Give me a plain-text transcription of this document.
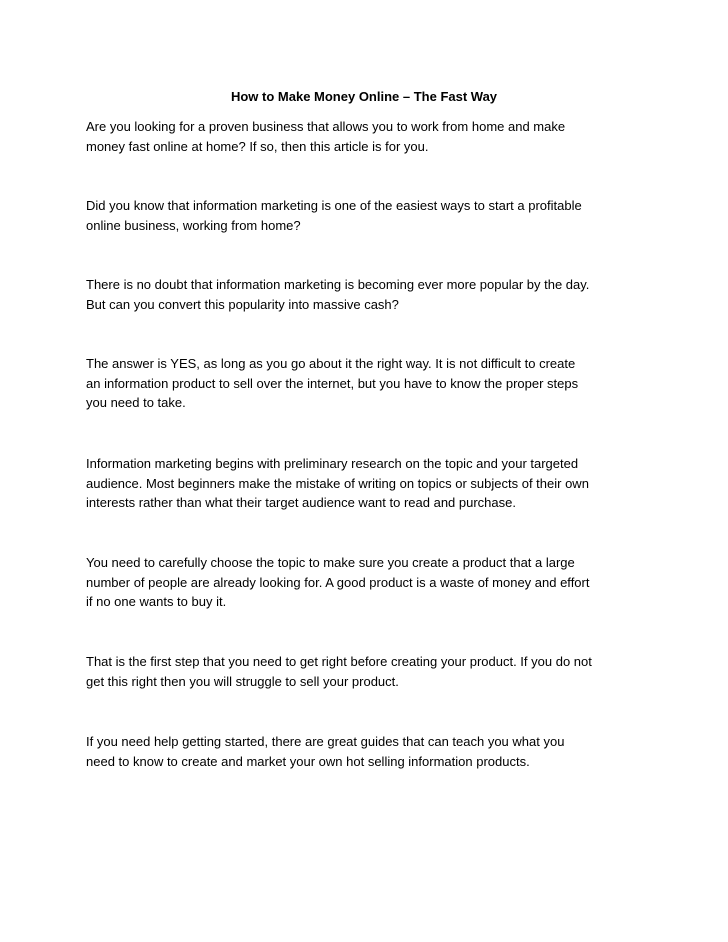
How to Make Money Online – The Fast Way

Are you looking for a proven business that allows you to work from home and make
money fast online at home? If so, then this article is for you.

Did you know that information marketing is one of the easiest ways to start a profitable
online business, working from home?

There is no doubt that information marketing is becoming ever more popular by the day.
But can you convert this popularity into massive cash?

The answer is YES, as long as you go about it the right way. It is not difficult to create
an information product to sell over the internet, but you have to know the proper steps
you need to take.

Information marketing begins with preliminary research on the topic and your targeted
audience. Most beginners make the mistake of writing on topics or subjects of their own
interests rather than what their target audience want to read and purchase.

You need to carefully choose the topic to make sure you create a product that a large
number of people are already looking for. A good product is a waste of money and effort
if no one wants to buy it.

That is the first step that you need to get right before creating your product. If you do not
get this right then you will struggle to sell your product.

If you need help getting started, there are great guides that can teach you what you
need to know to create and market your own hot selling information products.
